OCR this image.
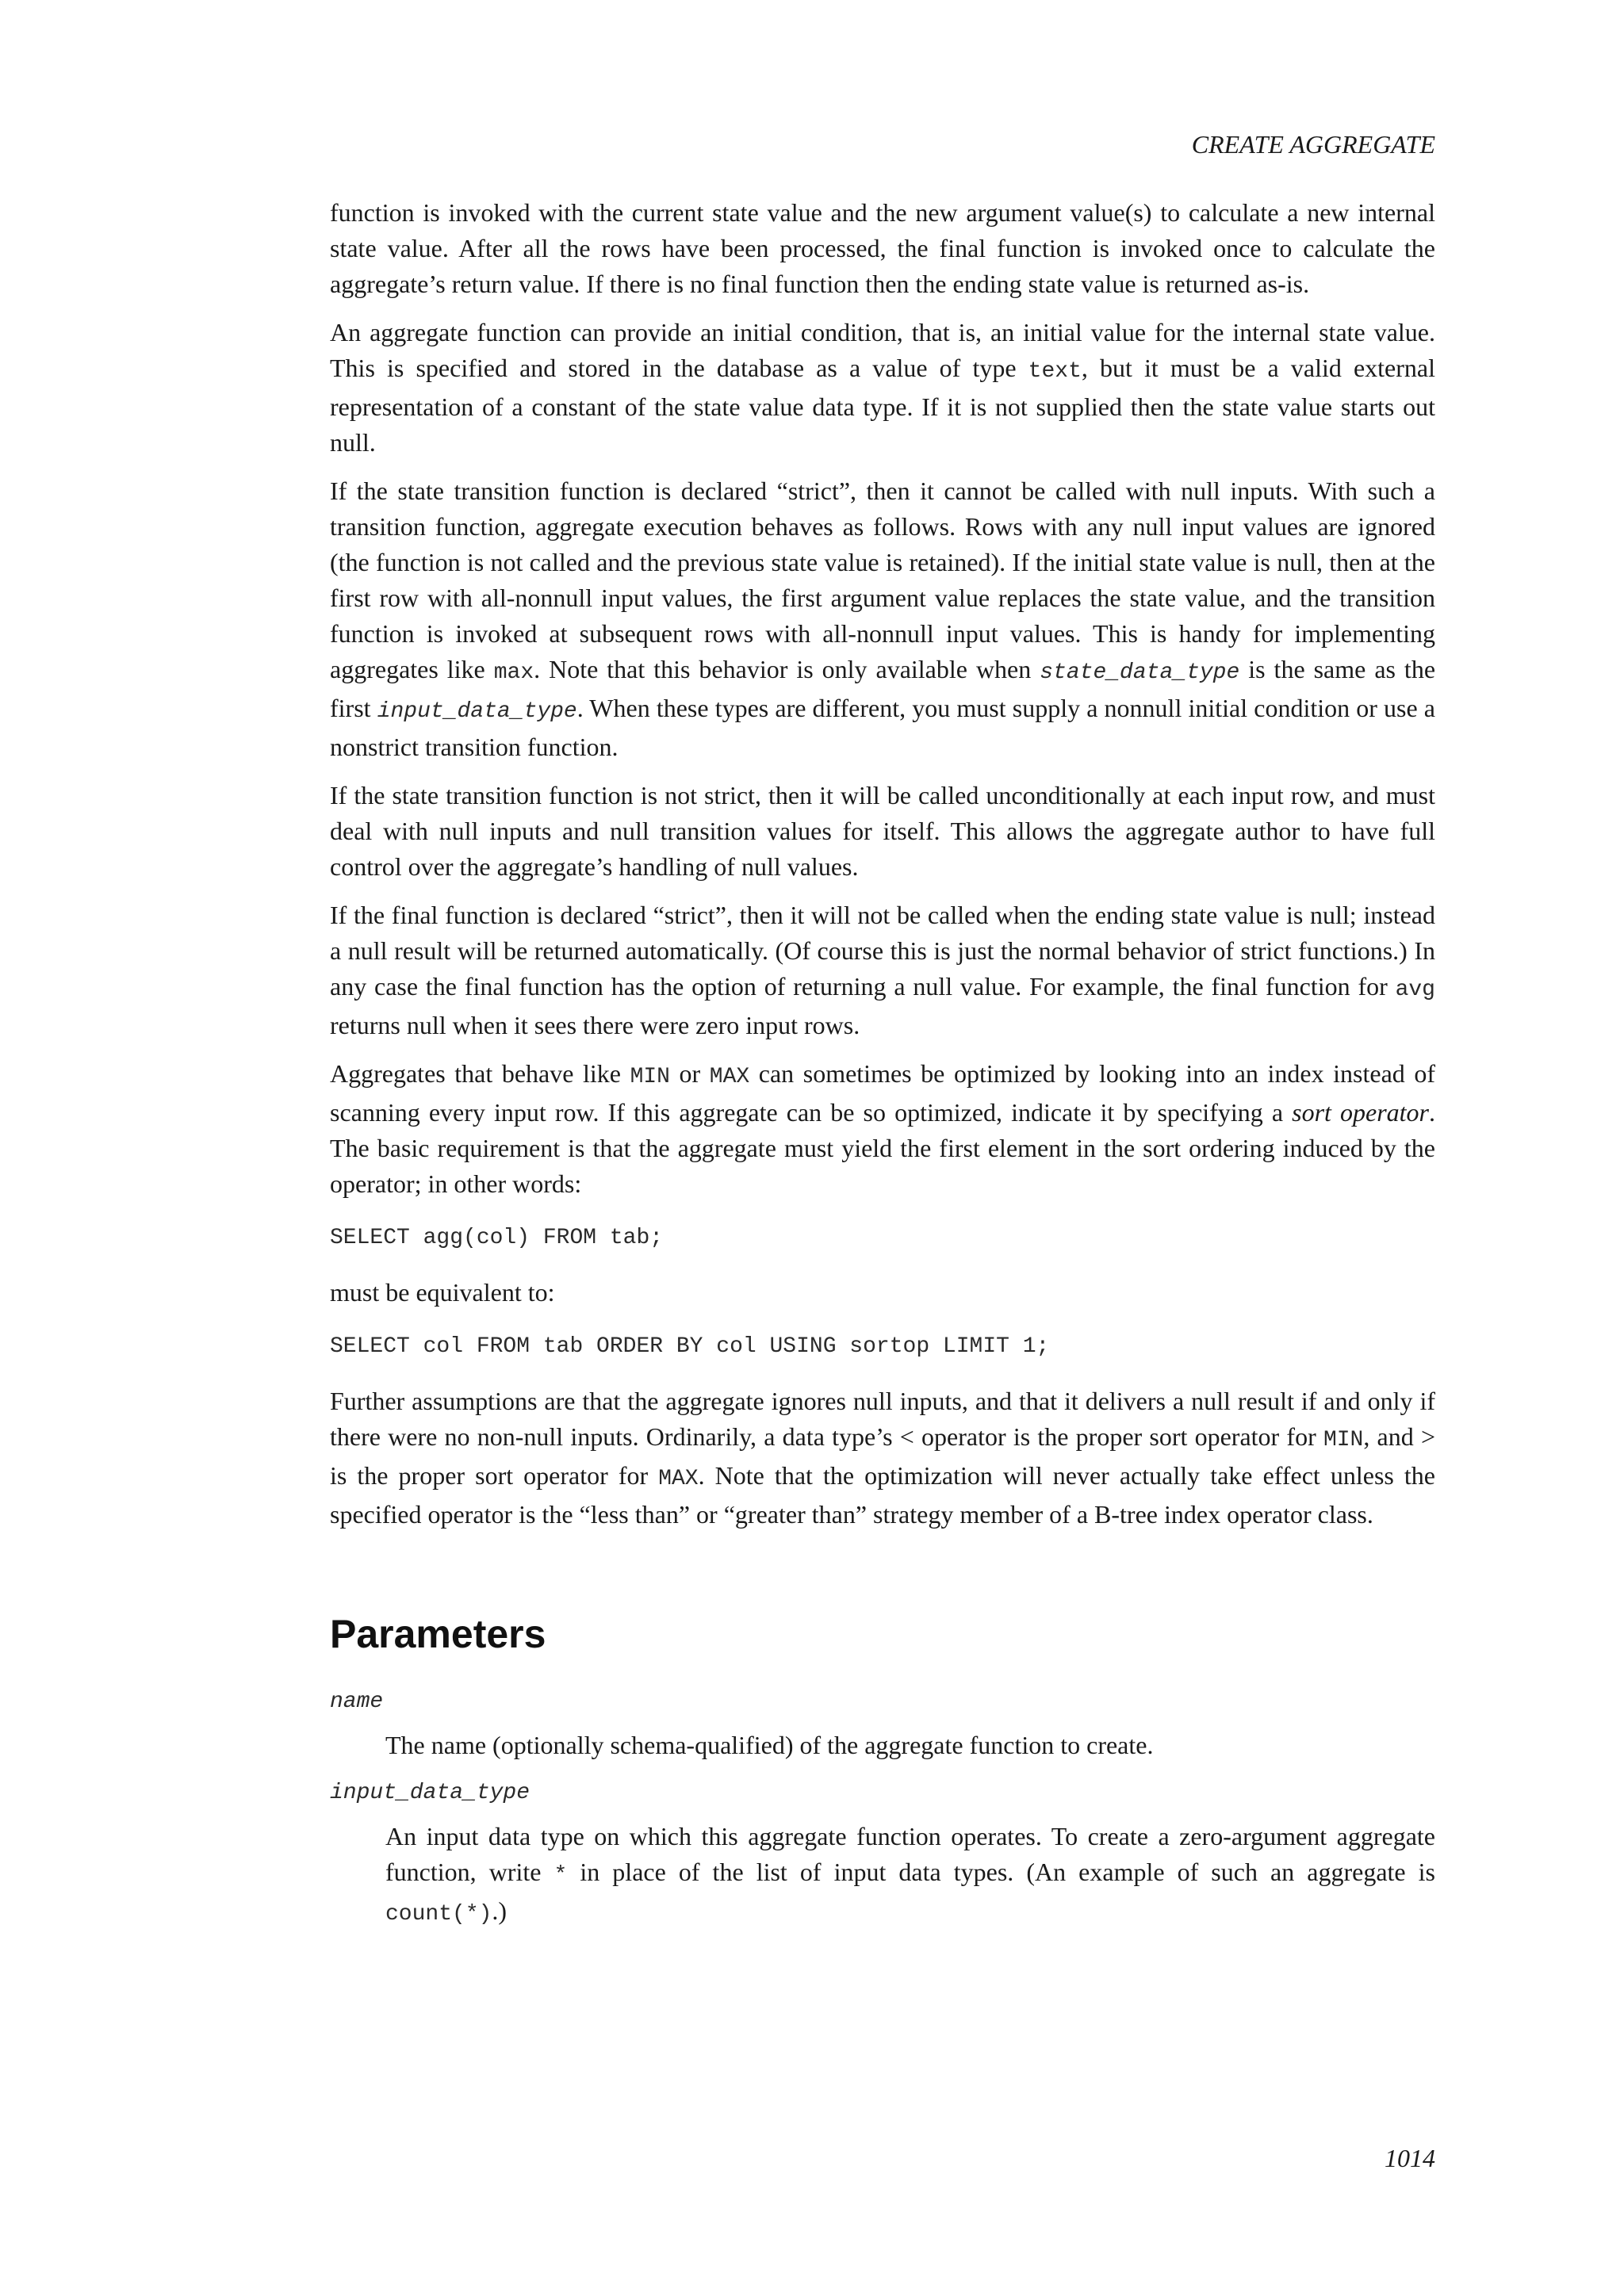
CREATE AGGREGATE

function is invoked with the current state value and the new argument value(s) to calculate a new internal state value. After all the rows have been processed, the final function is invoked once to calculate the aggregate’s return value. If there is no final function then the ending state value is returned as-is.

An aggregate function can provide an initial condition, that is, an initial value for the internal state value. This is specified and stored in the database as a value of type text, but it must be a valid external representation of a constant of the state value data type. If it is not supplied then the state value starts out null.

If the state transition function is declared “strict”, then it cannot be called with null inputs. With such a transition function, aggregate execution behaves as follows. Rows with any null input values are ignored (the function is not called and the previous state value is retained). If the initial state value is null, then at the first row with all-nonnull input values, the first argument value replaces the state value, and the transition function is invoked at subsequent rows with all-nonnull input values. This is handy for implementing aggregates like max. Note that this behavior is only available when state_data_type is the same as the first input_data_type. When these types are different, you must supply a nonnull initial condition or use a nonstrict transition function.

If the state transition function is not strict, then it will be called unconditionally at each input row, and must deal with null inputs and null transition values for itself. This allows the aggregate author to have full control over the aggregate’s handling of null values.

If the final function is declared “strict”, then it will not be called when the ending state value is null; instead a null result will be returned automatically. (Of course this is just the normal behavior of strict functions.) In any case the final function has the option of returning a null value. For example, the final function for avg returns null when it sees there were zero input rows.

Aggregates that behave like MIN or MAX can sometimes be optimized by looking into an index instead of scanning every input row. If this aggregate can be so optimized, indicate it by specifying a sort operator. The basic requirement is that the aggregate must yield the first element in the sort ordering induced by the operator; in other words:

SELECT agg(col) FROM tab;

must be equivalent to:

SELECT col FROM tab ORDER BY col USING sortop LIMIT 1;

Further assumptions are that the aggregate ignores null inputs, and that it delivers a null result if and only if there were no non-null inputs. Ordinarily, a data type’s < operator is the proper sort operator for MIN, and > is the proper sort operator for MAX. Note that the optimization will never actually take effect unless the specified operator is the “less than” or “greater than” strategy member of a B-tree index operator class.

Parameters
name

The name (optionally schema-qualified) of the aggregate function to create.

input_data_type

An input data type on which this aggregate function operates. To create a zero-argument aggregate function, write * in place of the list of input data types. (An example of such an aggregate is count(*).)

1014
